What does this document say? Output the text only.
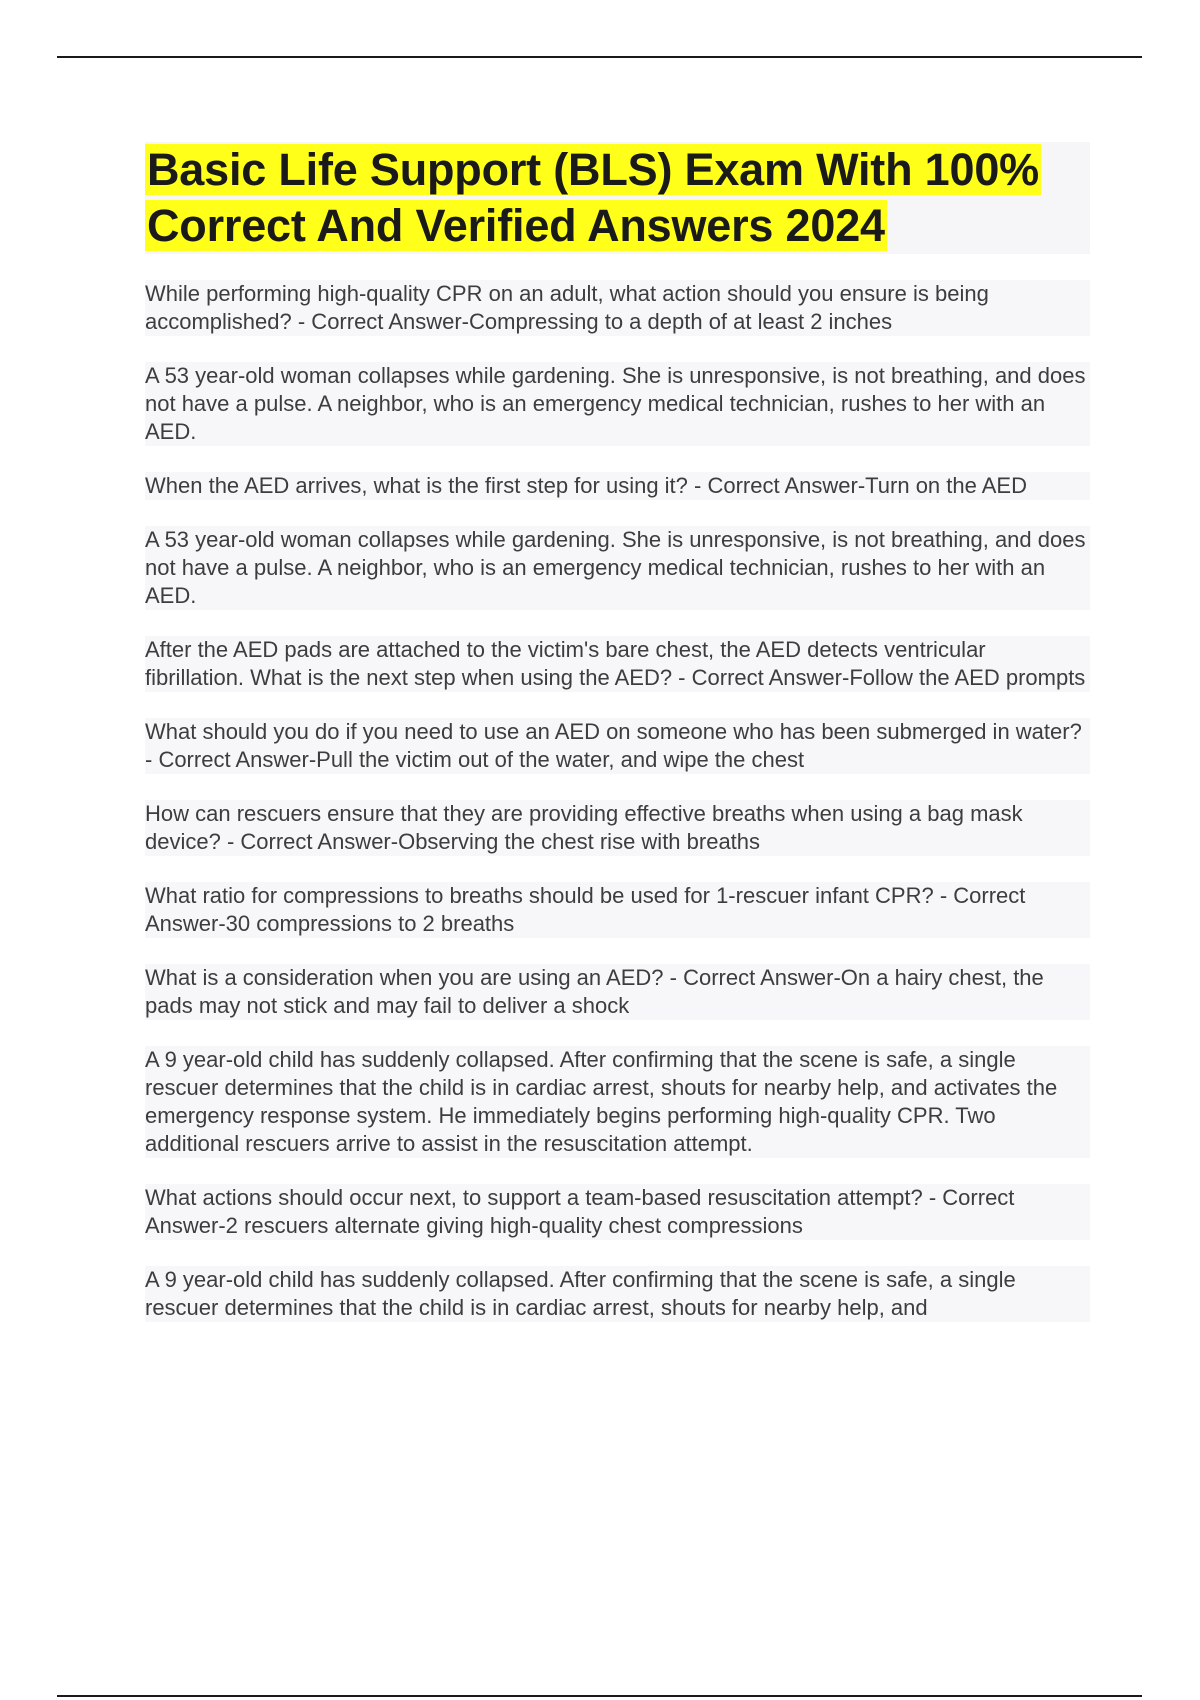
Basic Life Support (BLS) Exam With 100% Correct And Verified Answers 2024

While performing high-quality CPR on an adult, what action should you ensure is being accomplished? - Correct Answer-Compressing to a depth of at least 2 inches

A 53 year-old woman collapses while gardening. She is unresponsive, is not breathing, and does not have a pulse. A neighbor, who is an emergency medical technician, rushes to her with an AED.

When the AED arrives, what is the first step for using it? - Correct Answer-Turn on the AED

A 53 year-old woman collapses while gardening. She is unresponsive, is not breathing, and does not have a pulse. A neighbor, who is an emergency medical technician, rushes to her with an AED.

After the AED pads are attached to the victim's bare chest, the AED detects ventricular fibrillation. What is the next step when using the AED? - Correct Answer-Follow the AED prompts

What should you do if you need to use an AED on someone who has been submerged in water? - Correct Answer-Pull the victim out of the water, and wipe the chest

How can rescuers ensure that they are providing effective breaths when using a bag mask device? - Correct Answer-Observing the chest rise with breaths

What ratio for compressions to breaths should be used for 1-rescuer infant CPR? - Correct Answer-30 compressions to 2 breaths

What is a consideration when you are using an AED? - Correct Answer-On a hairy chest, the pads may not stick and may fail to deliver a shock

A 9 year-old child has suddenly collapsed. After confirming that the scene is safe, a single rescuer determines that the child is in cardiac arrest, shouts for nearby help, and activates the emergency response system. He immediately begins performing high-quality CPR. Two additional rescuers arrive to assist in the resuscitation attempt.

What actions should occur next, to support a team-based resuscitation attempt? - Correct Answer-2 rescuers alternate giving high-quality chest compressions

A 9 year-old child has suddenly collapsed. After confirming that the scene is safe, a single rescuer determines that the child is in cardiac arrest, shouts for nearby help, and
